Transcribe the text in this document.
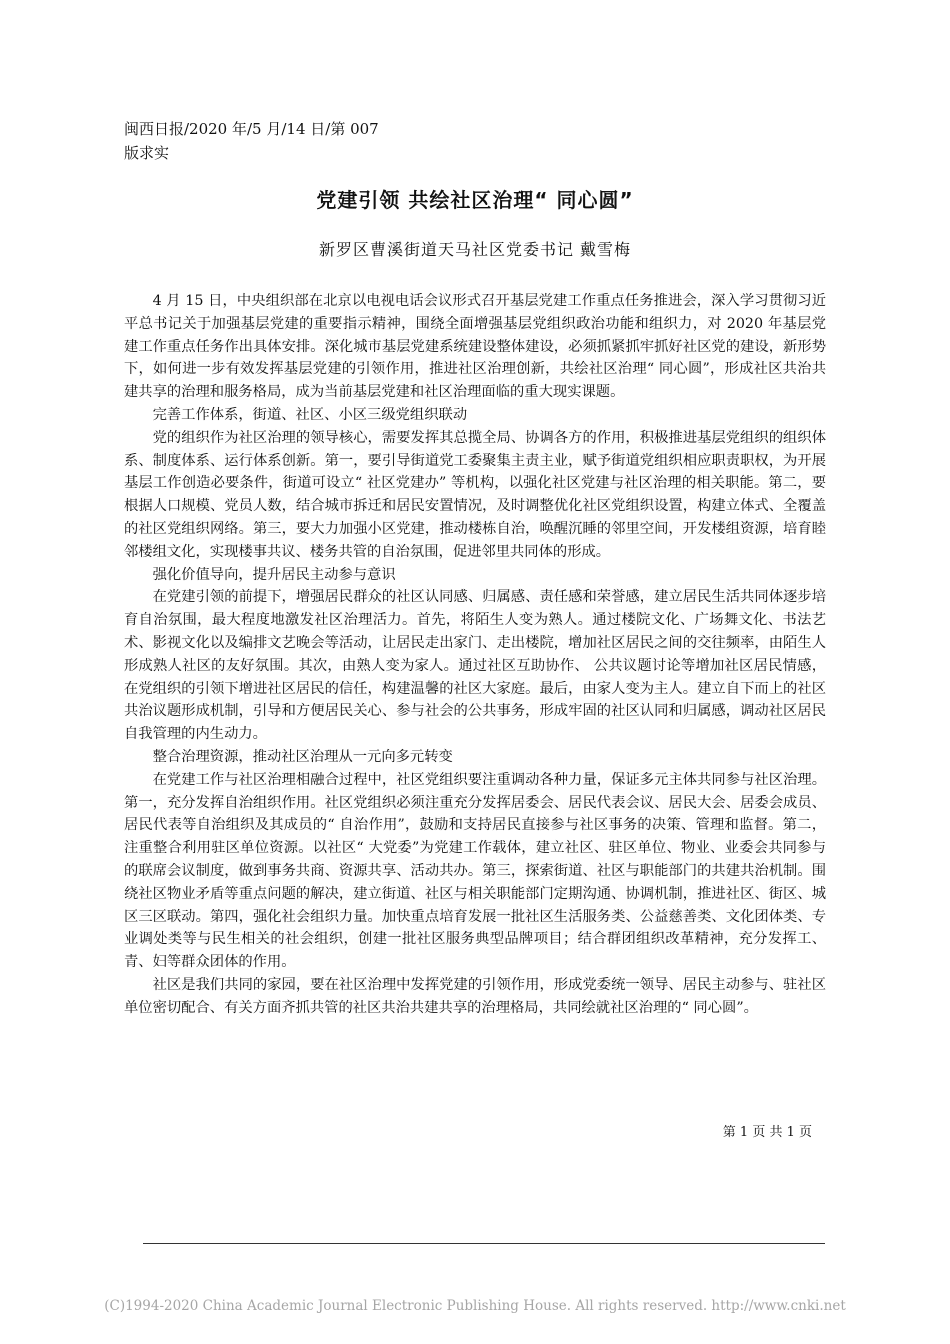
闽西日报/2020 年/5 月/14 日/第 007
版求实
党建引领 共绘社区治理“ 同心圆”
新罗区曹溪街道天马社区党委书记 戴雪梅

4 月 15 日，中央组织部在北京以电视电话会议形式召开基层党建工作重点任务推进会，深入学习贯彻习近平总书记关于加强基层党建的重要指示精神，围绕全面增强基层党组织政治功能和组织力，对 2020 年基层党建工作重点任务作出具体安排。深化城市基层党建系统建设整体建设，必须抓紧抓牢抓好社区党的建设，新形势下，如何进一步有效发挥基层党建的引领作用，推进社区治理创新，共绘社区治理“ 同心圆”，形成社区共治共建共享的治理和服务格局，成为当前基层党建和社区治理面临的重大现实课题。

完善工作体系，街道、社区、小区三级党组织联动

党的组织作为社区治理的领导核心，需要发挥其总揽全局、协调各方的作用，积极推进基层党组织的组织体系、制度体系、运行体系创新。第一，要引导街道党工委聚集主责主业，赋予街道党组织相应职责职权，为开展基层工作创造必要条件，街道可设立“ 社区党建办” 等机构，以强化社区党建与社区治理的相关职能。第二，要根据人口规模、党员人数，结合城市拆迁和居民安置情况，及时调整优化社区党组织设置，构建立体式、全覆盖的社区党组织网络。第三，要大力加强小区党建，推动楼栋自治，唤醒沉睡的邻里空间，开发楼组资源，培育睦邻楼组文化，实现楼事共议、楼务共管的自治氛围，促进邻里共同体的形成。

强化价值导向，提升居民主动参与意识

在党建引领的前提下，增强居民群众的社区认同感、归属感、责任感和荣誉感，建立居民生活共同体逐步培育自治氛围，最大程度地激发社区治理活力。首先，将陌生人变为熟人。通过楼院文化、广场舞文化、书法艺术、影视文化以及编排文艺晚会等活动，让居民走出家门、走出楼院，增加社区居民之间的交往频率，由陌生人形成熟人社区的友好氛围。其次，由熟人变为家人。通过社区互助协作、 公共议题讨论等增加社区居民情感， 在党组织的引领下增进社区居民的信任，构建温馨的社区大家庭。最后，由家人变为主人。建立自下而上的社区共治议题形成机制，引导和方便居民关心、参与社会的公共事务，形成牢固的社区认同和归属感，调动社区居民自我管理的内生动力。

整合治理资源，推动社区治理从一元向多元转变

在党建工作与社区治理相融合过程中，社区党组织要注重调动各种力量，保证多元主体共同参与社区治理。第一，充分发挥自治组织作用。社区党组织必须注重充分发挥居委会、居民代表会议、居民大会、居委会成员、居民代表等自治组织及其成员的“ 自治作用”，鼓励和支持居民直接参与社区事务的决策、管理和监督。第二，注重整合利用驻区单位资源。以社区“ 大党委”为党建工作载体，建立社区、驻区单位、物业、业委会共同参与的联席会议制度，做到事务共商、资源共享、活动共办。第三，探索街道、社区与职能部门的共建共治机制。围绕社区物业矛盾等重点问题的解决，建立街道、社区与相关职能部门定期沟通、协调机制，推进社区、街区、城区三区联动。第四，强化社会组织力量。加快重点培育发展一批社区生活服务类、公益慈善类、文化团体类、专业调处类等与民生相关的社会组织，创建一批社区服务典型品牌项目；结合群团组织改革精神，充分发挥工、青、妇等群众团体的作用。

社区是我们共同的家园，要在社区治理中发挥党建的引领作用，形成党委统一领导、居民主动参与、驻社区单位密切配合、有关方面齐抓共管的社区共治共建共享的治理格局，共同绘就社区治理的“ 同心圆”。

第 1 页 共 1 页
(C)1994-2020 China Academic Journal Electronic Publishing House. All rights reserved. http://www.cnki.net
